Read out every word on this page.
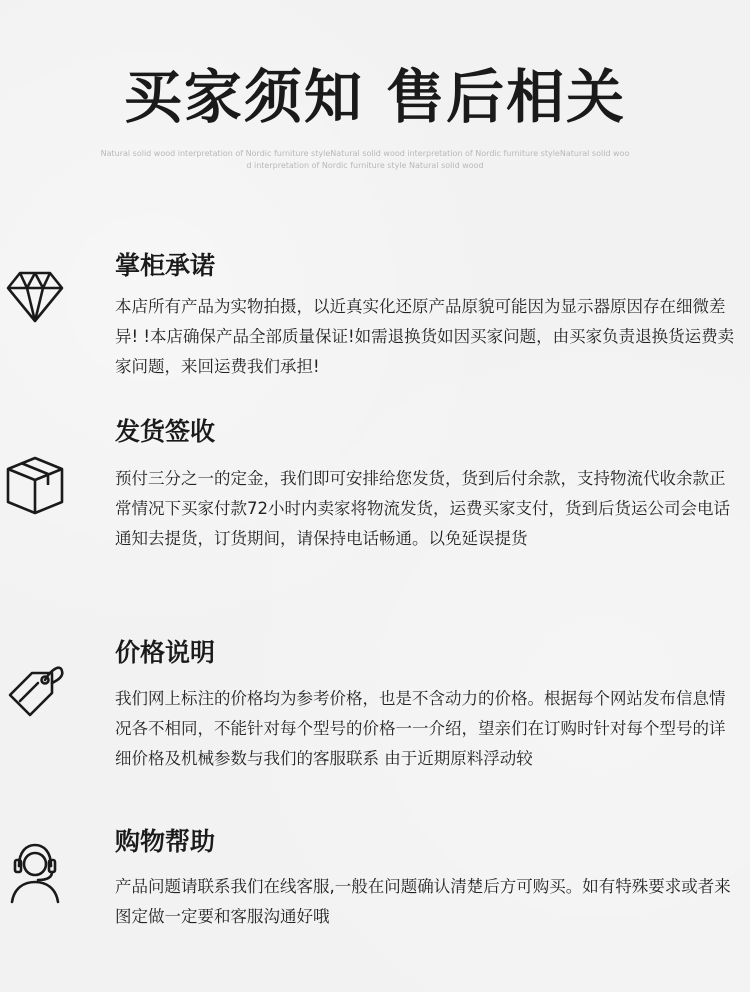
买家须知 售后相关
Natural solid wood interpretation of Nordic furniture styleNatural solid wood interpretation of Nordic furniture styleNatural solid wood interpretation of Nordic furniture style Natural solid wood
掌柜承诺

本店所有产品为实物拍摄，以近真实化还原产品原貌可能因为显示器原因存在细微差异! !本店确保产品全部质量保证!如需退换货如因买家问题，由买家负责退换货运费卖家问题，来回运费我们承担!

发货签收

预付三分之一的定金，我们即可安排给您发货，货到后付余款，支持物流代收余款正常情况下买家付款72小时内卖家将物流发货，运费买家支付，货到后货运公司会电话通知去提货，订货期间，请保持电话畅通。以免延误提货

价格说明

我们网上标注的价格均为参考价格，也是不含动力的价格。根据每个网站发布信息情况各不相同，不能针对每个型号的价格一一介绍，望亲们在订购时针对每个型号的详细价格及机械参数与我们的客服联系 由于近期原料浮动较

购物帮助

产品问题请联系我们在线客服,一般在问题确认清楚后方可购买。如有特殊要求或者来图定做一定要和客服沟通好哦
